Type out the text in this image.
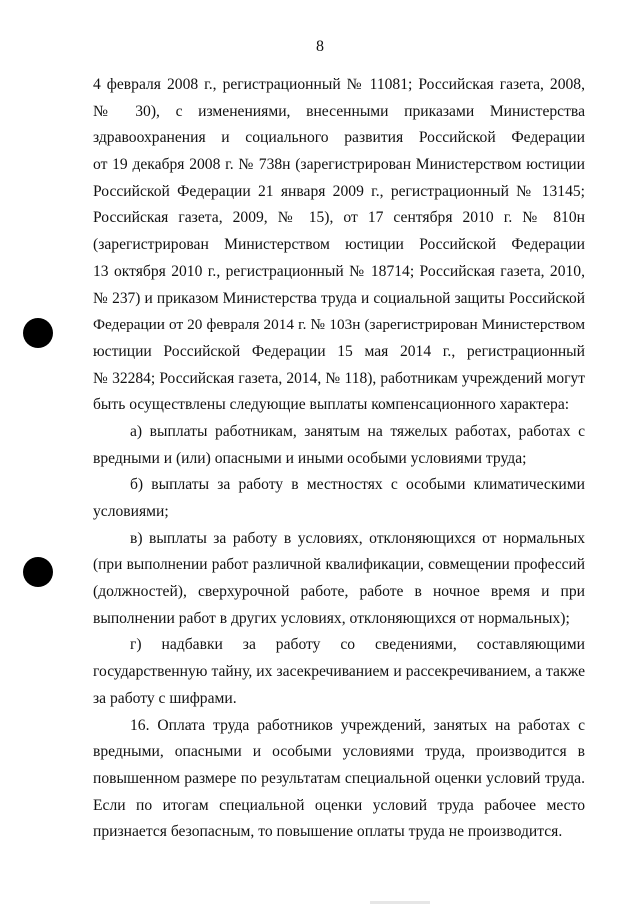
8
4 февраля 2008 г., регистрационный № 11081; Российская газета, 2008,
№ 30), с изменениями, внесенными приказами Министерства
здравоохранения и социального развития Российской Федерации
от 19 декабря 2008 г. № 738н (зарегистрирован Министерством юстиции
Российской Федерации 21 января 2009 г., регистрационный № 13145;
Российская газета, 2009, № 15), от 17 сентября 2010 г. № 810н
(зарегистрирован Министерством юстиции Российской Федерации
13 октября 2010 г., регистрационный № 18714; Российская газета, 2010,
№ 237) и приказом Министерства труда и социальной защиты Российской
Федерации от 20 февраля 2014 г. № 103н (зарегистрирован Министерством
юстиции Российской Федерации 15 мая 2014 г., регистрационный
№ 32284; Российская газета, 2014, № 118), работникам учреждений могут
быть осуществлены следующие выплаты компенсационного характера:
а) выплаты работникам, занятым на тяжелых работах, работах с
вредными и (или) опасными и иными особыми условиями труда;
б) выплаты за работу в местностях с особыми климатическими
условиями;
в) выплаты за работу в условиях, отклоняющихся от нормальных
(при выполнении работ различной квалификации, совмещении профессий
(должностей), сверхурочной работе, работе в ночное время и при
выполнении работ в других условиях, отклоняющихся от нормальных);
г) надбавки за работу со сведениями, составляющими
государственную тайну, их засекречиванием и рассекречиванием, а также
за работу с шифрами.
16. Оплата труда работников учреждений, занятых на работах с
вредными, опасными и особыми условиями труда, производится в
повышенном размере по результатам специальной оценки условий труда.
Если по итогам специальной оценки условий труда рабочее место
признается безопасным, то повышение оплаты труда не производится.
